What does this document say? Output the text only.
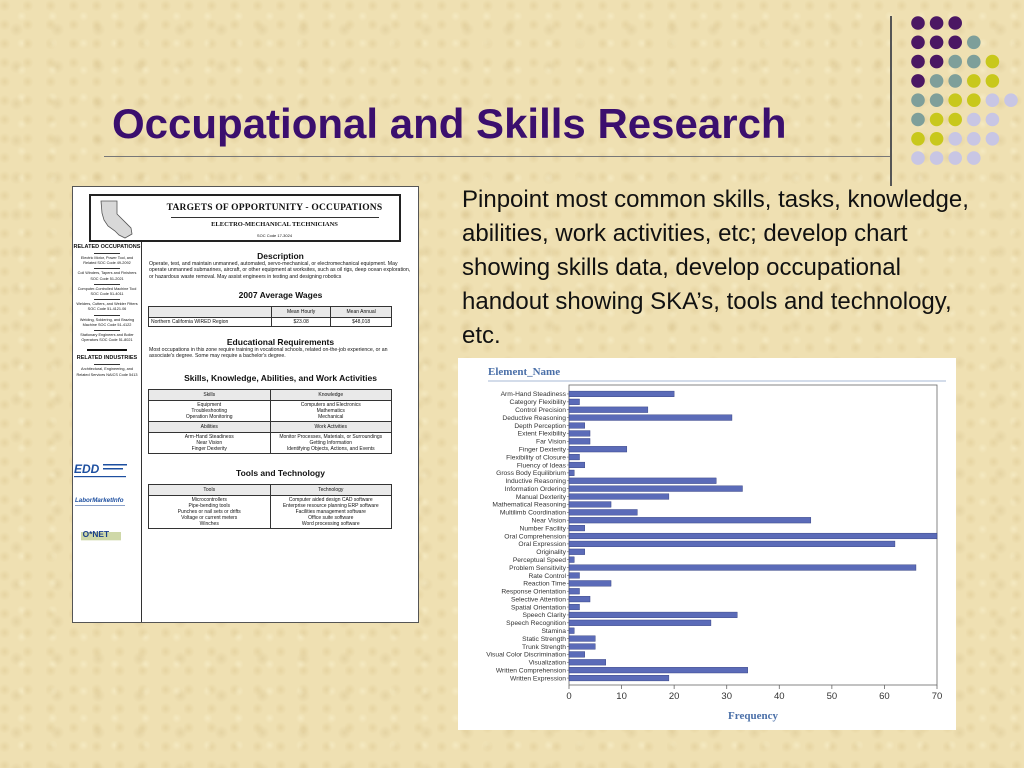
Occupational and Skills Research

Pinpoint most common skills, tasks, knowledge, abilities, work activities, etc; develop chart showing skills data, develop occupational handout showing SKA’s, tools and technology, etc.

TARGETS OF OPPORTUNITY - OCCUPATIONS
ELECTRO-MECHANICAL TECHNICIANS
SOC Code 17-3024
RELATED OCCUPATIONS
Electric Motor, Power Tool, and Related SOC Code 49-2092
Coil Winders, Tapers and Finishers SOC Code 51-2021
Computer-Controlled Machine Tool SOC Code 51-4011
Welders, Cutters, and Welder Fitters SOC Code 51-4121.06
Welding, Soldering, and Brazing Machine SOC Code 51-4122
Stationary Engineers and Boiler Operators SOC Code 51-8021
RELATED INDUSTRIES
Architectural, Engineering, and Related Services NAICS Code 5413
EDD

LaborMarketInfo

O*NET
Description

Operate, test, and maintain unmanned, automated, servo-mechanical, or electromechanical equipment. May operate unmanned submarines, aircraft, or other equipment at worksites, such as oil rigs, deep ocean exploration, or hazardous waste removal. May assist engineers in testing and designing robotics

2007 Average Wages
	Mean Hourly	Mean Annual
Northern California WIRED Region	$23.08	$48,018
Educational Requirements

Most occupations in this zone require training in vocational schools, related on-the-job experience, or an associate's degree. Some may require a bachelor's degree.

Skills, Knowledge, Abilities, and Work Activities
Skills	Knowledge

Equipment
Troubleshooting
Operation Monitoring	Computers and Electronics
Mathematics
Mechanical

Abilities	Work Activities

Arm-Hand Steadiness
Near Vision
Finger Dexterity	Monitor Processes, Materials, or Surroundings
Getting Information
Identifying Objects, Actions, and Events
Tools and Technology
Tools	Technology

Microcontrollers
Pipe-bending tools
Punches or nail sets or drifts
Voltage or current meters
Winches	Computer aided design CAD software
Enterprise resource planning ERP software
Facilities management software
Office suite software
Word processing software
Element_Name
Arm-Hand Steadiness
Category Flexibility
Control Precision
Deductive Reasoning
Depth Perception
Extent Flexibility
Far Vision
Finger Dexterity
Flexibility of Closure
Fluency of Ideas
Gross Body Equilibrium
Inductive Reasoning
Information Ordering
Manual Dexterity
Mathematical Reasoning
Multilimb Coordination
Near Vision
Number Facility
Oral Comprehension
Oral Expression
Originality
Perceptual Speed
Problem Sensitivity
Rate Control
Reaction Time
Response Orientation
Selective Attention
Spatial Orientation
Speech Clarity
Speech Recognition
Stamina
Static Strength
Trunk Strength
Visual Color Discrimination
Visualization
Written Comprehension
Written Expression
0	10	20	30	40	50	60	70
Frequency
